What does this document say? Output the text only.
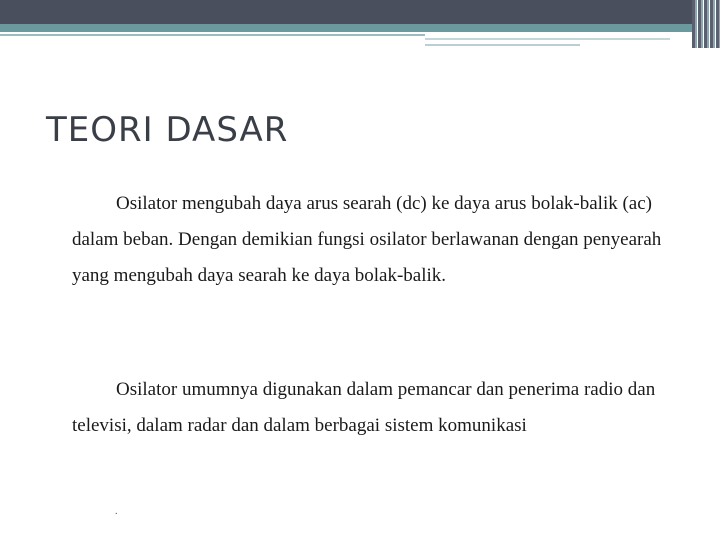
TEORI DASAR

Osilator mengubah daya arus searah (dc) ke daya arus bolak-balik (ac) dalam beban. Dengan demikian fungsi osilator berlawanan dengan penyearah yang mengubah daya searah ke daya bolak-balik.

Osilator umumnya digunakan dalam pemancar dan penerima radio dan televisi, dalam radar dan dalam berbagai sistem komunikasi

.
